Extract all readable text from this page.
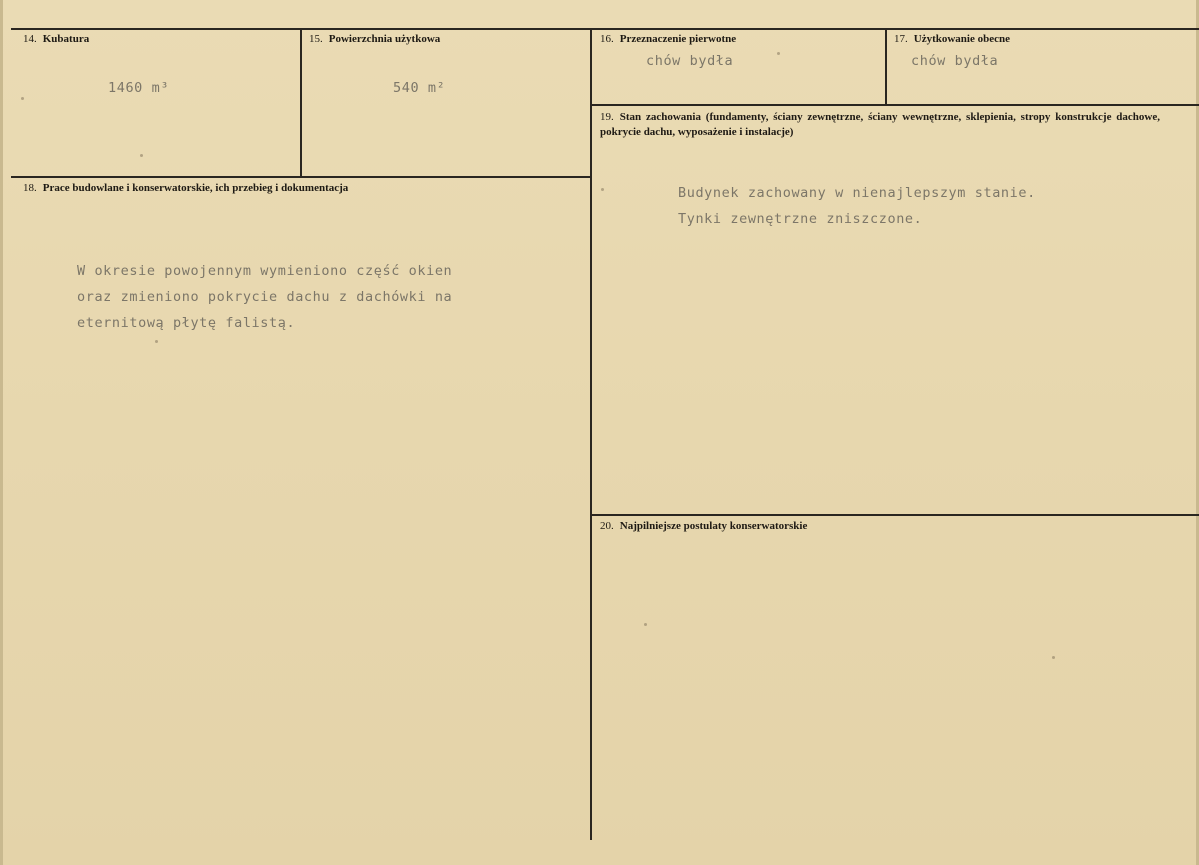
14. Kubatura
1460 m³
15. Powierzchnia użytkowa
540 m²
16. Przeznaczenie pierwotne
chów bydła
17. Użytkowanie obecne
chów bydła
18. Prace budowlane i konserwatorskie, ich przebieg i dokumentacja
W okresie powojennym wymieniono część okien
oraz zmieniono pokrycie dachu z dachówki na
eternitową płytę falistą.
19. Stan zachowania (fundamenty, ściany zewnętrzne, ściany wewnętrzne, sklepienia, stropy konstrukcje dachowe, pokrycie dachu, wyposażenie i instalacje)
Budynek zachowany w nienajlepszym stanie.
Tynki zewnętrzne zniszczone.
20. Najpilniejsze postulaty konserwatorskie
